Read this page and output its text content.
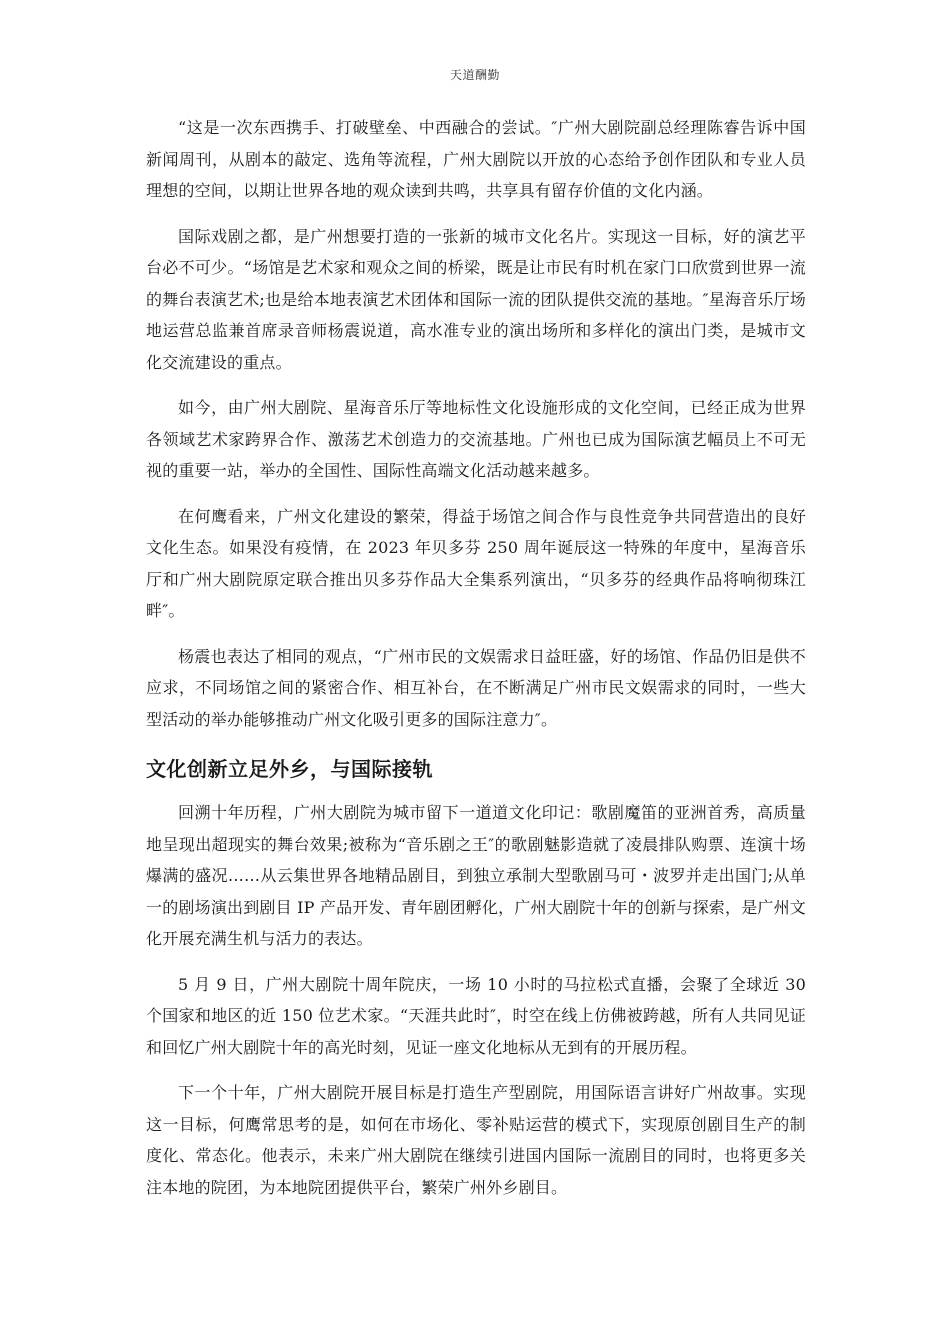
天道酬勤

“这是一次东西携手、打破壁垒、中西融合的尝试。″广州大剧院副总经理陈睿告诉中国新闻周刊，从剧本的敲定、选角等流程，广州大剧院以开放的心态给予创作团队和专业人员理想的空间，以期让世界各地的观众读到共鸣，共享具有留存价值的文化内涵。

国际戏剧之都，是广州想要打造的一张新的城市文化名片。实现这一目标，好的演艺平台必不可少。“场馆是艺术家和观众之间的桥梁，既是让市民有时机在家门口欣赏到世界一流的舞台表演艺术;也是给本地表演艺术团体和国际一流的团队提供交流的基地。″星海音乐厅场地运营总监兼首席录音师杨震说道，高水准专业的演出场所和多样化的演出门类，是城市文化交流建设的重点。

如今，由广州大剧院、星海音乐厅等地标性文化设施形成的文化空间，已经正成为世界各领域艺术家跨界合作、激荡艺术创造力的交流基地。广州也已成为国际演艺幅员上不可无视的重要一站，举办的全国性、国际性高端文化活动越来越多。

在何鹰看来，广州文化建设的繁荣，得益于场馆之间合作与良性竞争共同营造出的良好文化生态。如果没有疫情，在 2023 年贝多芬 250 周年诞辰这一特殊的年度中，星海音乐厅和广州大剧院原定联合推出贝多芬作品大全集系列演出，“贝多芬的经典作品将响彻珠江畔″。

杨震也表达了相同的观点，“广州市民的文娱需求日益旺盛，好的场馆、作品仍旧是供不应求，不同场馆之间的紧密合作、相互补台，在不断满足广州市民文娱需求的同时，一些大型活动的举办能够推动广州文化吸引更多的国际注意力″。

文化创新立足外乡，与国际接轨

回溯十年历程，广州大剧院为城市留下一道道文化印记：歌剧魔笛的亚洲首秀，高质量地呈现出超现实的舞台效果;被称为“音乐剧之王″的歌剧魅影造就了凌晨排队购票、连演十场爆满的盛况……从云集世界各地精品剧目，到独立承制大型歌剧马可・波罗并走出国门;从单一的剧场演出到剧目 IP 产品开发、青年剧团孵化，广州大剧院十年的创新与探索，是广州文化开展充满生机与活力的表达。

5 月 9 日，广州大剧院十周年院庆，一场 10 小时的马拉松式直播，会聚了全球近 30 个国家和地区的近 150 位艺术家。“天涯共此时″，时空在线上仿佛被跨越，所有人共同见证和回忆广州大剧院十年的高光时刻，见证一座文化地标从无到有的开展历程。

下一个十年，广州大剧院开展目标是打造生产型剧院，用国际语言讲好广州故事。实现这一目标，何鹰常思考的是，如何在市场化、零补贴运营的模式下，实现原创剧目生产的制度化、常态化。他表示，未来广州大剧院在继续引进国内国际一流剧目的同时，也将更多关注本地的院团，为本地院团提供平台，繁荣广州外乡剧目。
